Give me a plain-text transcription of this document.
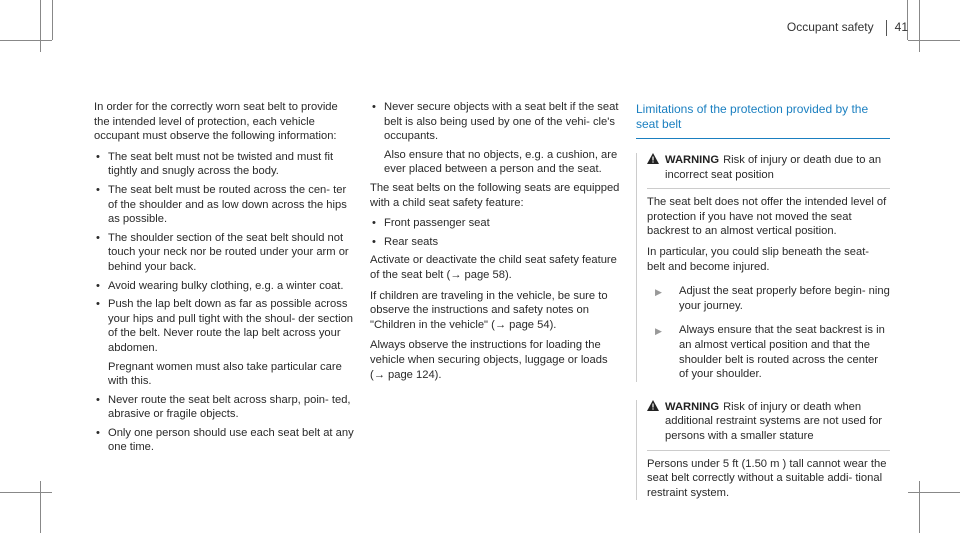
Occupant safety 41

In order for the correctly worn seat belt to provide the intended level of protection, each vehicle occupant must observe the following information:

• The seat belt must not be twisted and must fit tightly and snugly across the body.
• The seat belt must be routed across the cen- ter of the shoulder and as low down across the hips as possible.
• The shoulder section of the seat belt should not touch your neck nor be routed under your arm or behind your back.
• Avoid wearing bulky clothing, e.g. a winter coat.
• Push the lap belt down as far as possible across your hips and pull tight with the shoul- der section of the belt. Never route the lap belt across your abdomen.
Pregnant women must also take particular care with this.
• Never route the seat belt across sharp, poin- ted, abrasive or fragile objects.
• Only one person should use each seat belt at any one time.
• Never secure objects with a seat belt if the seat belt is also being used by one of the vehi- cle's occupants.
Also ensure that no objects, e.g. a cushion, are ever placed between a person and the seat.

The seat belts on the following seats are equipped with a child seat safety feature:

• Front passenger seat
• Rear seats

Activate or deactivate the child seat safety feature of the seat belt (→ page 58).

If children are traveling in the vehicle, be sure to observe the instructions and safety notes on "Children in the vehicle" (→ page 54).

Always observe the instructions for loading the vehicle when securing objects, luggage or loads (→ page 124).

Limitations of the protection provided by the seat belt
WARNING Risk of injury or death due to an incorrect seat position

The seat belt does not offer the intended level of protection if you have not moved the seat backrest to an almost vertical position.

In particular, you could slip beneath the seat- belt and become injured.

▶	Adjust the seat properly before begin- ning your journey.
▶	Always ensure that the seat backrest is in an almost vertical position and that the shoulder belt is routed across the center of your shoulder.
WARNING Risk of injury or death when additional restraint systems are not used for persons with a smaller stature

Persons under 5 ft (1.50 m ) tall cannot wear the seat belt correctly without a suitable addi- tional restraint system.
